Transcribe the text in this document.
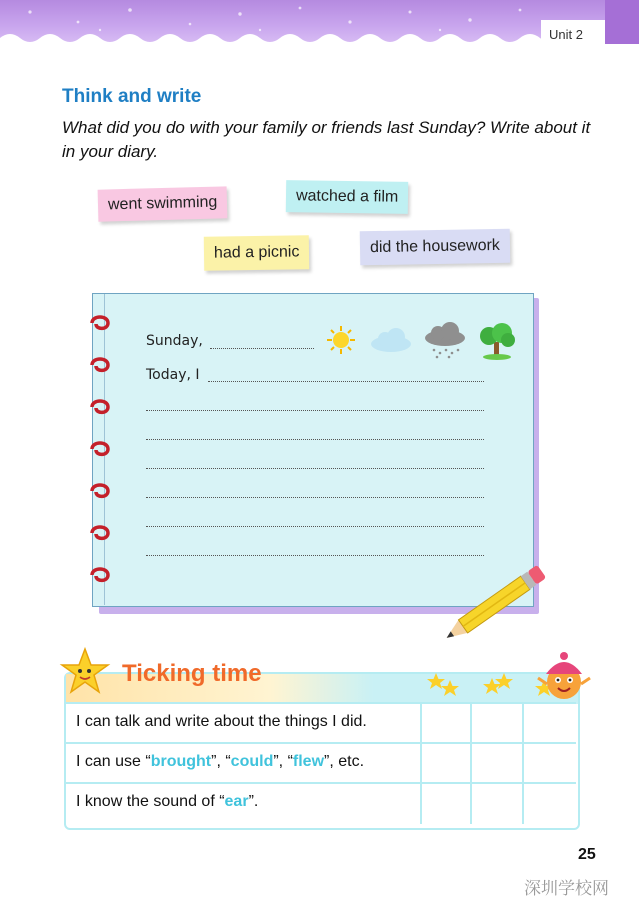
Unit 2
Think and write
What did you do with your family or friends last Sunday? Write about it in your diary.
went swimming	watched a film
had a picnic	did the housework
Sunday,
Today, I
Ticking time
I can talk and write about the things I did.
I can use “ brought ”, “ could ”, “ flew ”, etc.
I know the sound of “ ear ”.
25
深圳学校网
